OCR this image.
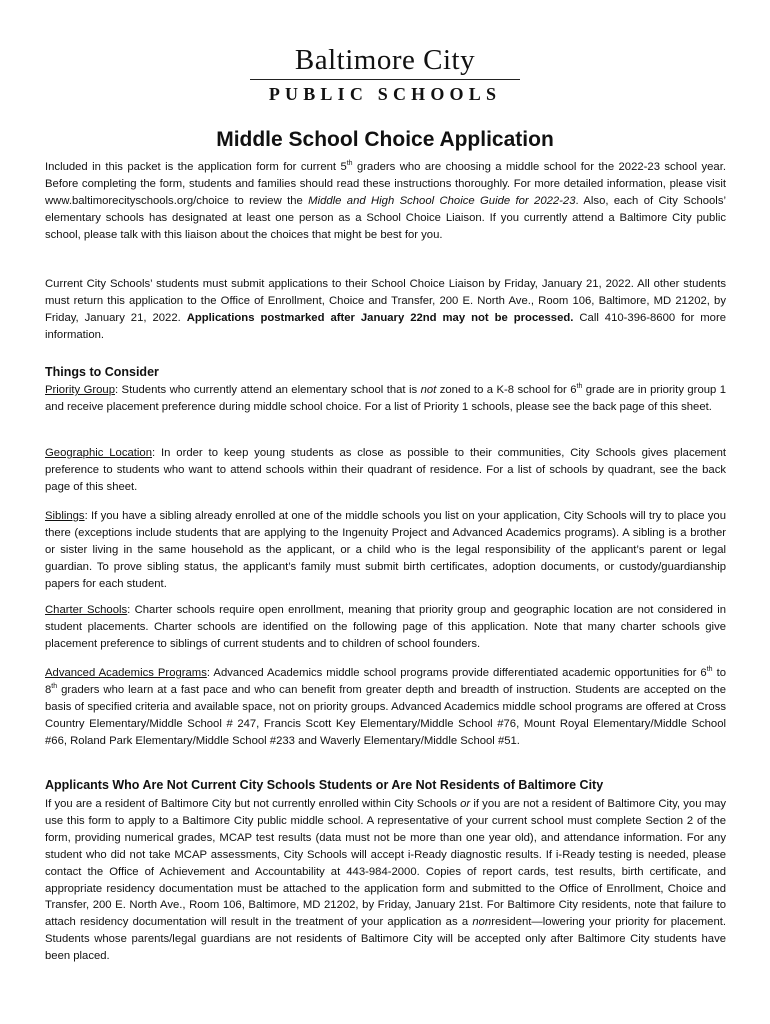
Baltimore City
PUBLIC SCHOOLS
Middle School Choice Application
Included in this packet is the application form for current 5th graders who are choosing a middle school for the 2022-23 school year. Before completing the form, students and families should read these instructions thoroughly. For more detailed information, please visit www.baltimorecityschools.org/choice to review the Middle and High School Choice Guide for 2022-23. Also, each of City Schools’ elementary schools has designated at least one person as a School Choice Liaison. If you currently attend a Baltimore City public school, please talk with this liaison about the choices that might be best for you.
Current City Schools’ students must submit applications to their School Choice Liaison by Friday, January 21, 2022. All other students must return this application to the Office of Enrollment, Choice and Transfer, 200 E. North Ave., Room 106, Baltimore, MD 21202, by Friday, January 21, 2022. Applications postmarked after January 22nd may not be processed. Call 410-396-8600 for more information.
Things to Consider
Priority Group: Students who currently attend an elementary school that is not zoned to a K-8 school for 6th grade are in priority group 1 and receive placement preference during middle school choice. For a list of Priority 1 schools, please see the back page of this sheet.
Geographic Location: In order to keep young students as close as possible to their communities, City Schools gives placement preference to students who want to attend schools within their quadrant of residence. For a list of schools by quadrant, see the back page of this sheet.
Siblings: If you have a sibling already enrolled at one of the middle schools you list on your application, City Schools will try to place you there (exceptions include students that are applying to the Ingenuity Project and Advanced Academics programs). A sibling is a brother or sister living in the same household as the applicant, or a child who is the legal responsibility of the applicant’s parent or legal guardian. To prove sibling status, the applicant’s family must submit birth certificates, adoption documents, or custody/guardianship papers for each student.
Charter Schools: Charter schools require open enrollment, meaning that priority group and geographic location are not considered in student placements. Charter schools are identified on the following page of this application. Note that many charter schools give placement preference to siblings of current students and to children of school founders.
Advanced Academics Programs: Advanced Academics middle school programs provide differentiated academic opportunities for 6th to 8th graders who learn at a fast pace and who can benefit from greater depth and breadth of instruction. Students are accepted on the basis of specified criteria and available space, not on priority groups. Advanced Academics middle school programs are offered at Cross Country Elementary/Middle School # 247, Francis Scott Key Elementary/Middle School #76, Mount Royal Elementary/Middle School #66, Roland Park Elementary/Middle School #233 and Waverly Elementary/Middle School #51.
Applicants Who Are Not Current City Schools Students or Are Not Residents of Baltimore City
If you are a resident of Baltimore City but not currently enrolled within City Schools or if you are not a resident of Baltimore City, you may use this form to apply to a Baltimore City public middle school. A representative of your current school must complete Section 2 of the form, providing numerical grades, MCAP test results (data must not be more than one year old), and attendance information. For any student who did not take MCAP assessments, City Schools will accept i-Ready diagnostic results. If i-Ready testing is needed, please contact the Office of Achievement and Accountability at 443-984-2000. Copies of report cards, test results, birth certificate, and appropriate residency documentation must be attached to the application form and submitted to the Office of Enrollment, Choice and Transfer, 200 E. North Ave., Room 106, Baltimore, MD 21202, by Friday, January 21st. For Baltimore City residents, note that failure to attach residency documentation will result in the treatment of your application as a nonresident—lowering your priority for placement. Students whose parents/legal guardians are not residents of Baltimore City will be accepted only after Baltimore City students have been placed.
